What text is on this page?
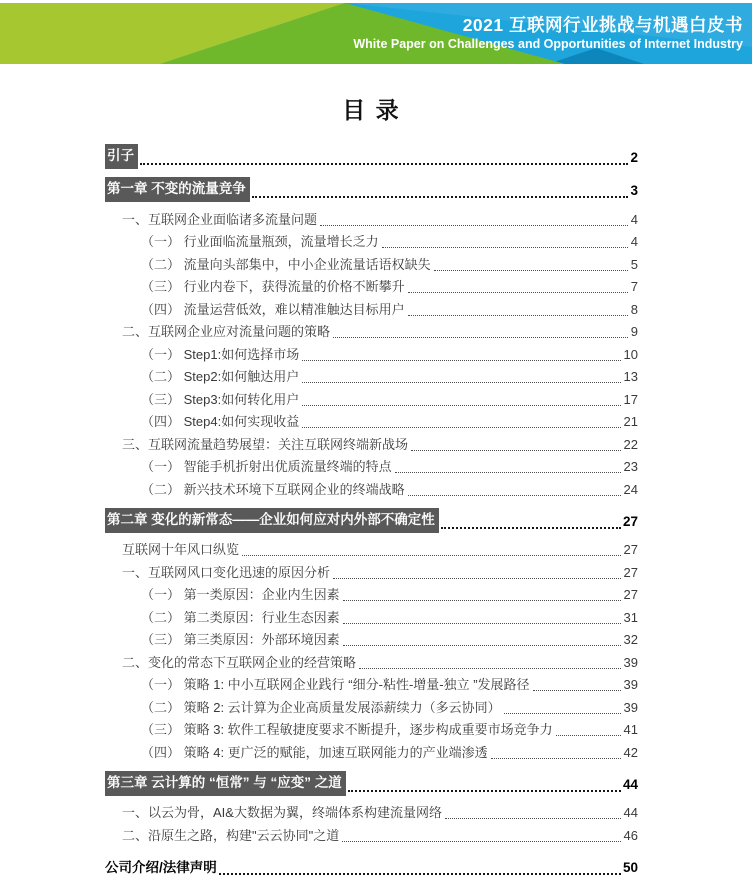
2021 互联网行业挑战与机遇白皮书
White Paper on Challenges and Opportunities of Internet Industry
目 录
引子	2
第一章 不变的流量竞争	3
一、互联网企业面临诸多流量问题	4
（一） 行业面临流量瓶颈，流量增长乏力	4
（二） 流量向头部集中，中小企业流量话语权缺失	5
（三） 行业内卷下，获得流量的价格不断攀升	7
（四） 流量运营低效，难以精准触达目标用户	8
二、互联网企业应对流量问题的策略	9
（一） Step1:如何选择市场	10
（二） Step2:如何触达用户	13
（三） Step3:如何转化用户	17
（四） Step4:如何实现收益	21
三、互联网流量趋势展望：关注互联网终端新战场	22
（一） 智能手机折射出优质流量终端的特点	23
（二） 新兴技术环境下互联网企业的终端战略	24
第二章 变化的新常态——企业如何应对内外部不确定性	27
互联网十年风口纵览	27
一、互联网风口变化迅速的原因分析	27
（一） 第一类原因：企业内生因素	27
（二） 第二类原因：行业生态因素	31
（三） 第三类原因：外部环境因素	32
二、变化的常态下互联网企业的经营策略	39
（一） 策略 1: 中小互联网企业践行 “细分-粘性-增量-独立 ”发展路径	39
（二） 策略 2: 云计算为企业高质量发展添薪续力（多云协同）	39
（三） 策略 3: 软件工程敏捷度要求不断提升，逐步构成重要市场竞争力	41
（四） 策略 4: 更广泛的赋能，加速互联网能力的产业端渗透	42
第三章 云计算的 “恒常” 与 “应变” 之道	44
一、以云为骨，AI&大数据为翼，终端体系构建流量网络	44
二、沿原生之路，构建"云云协同"之道	46
公司介绍/法律声明	50
